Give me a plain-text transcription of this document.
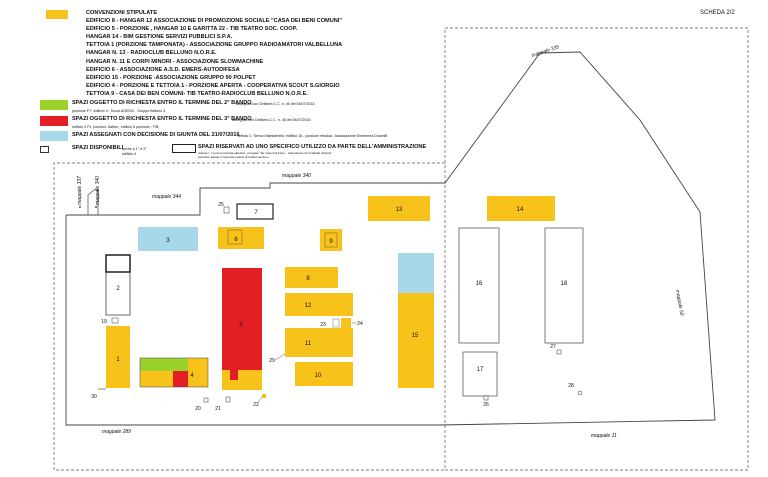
CONVENZIONI STIPULATE
EDIFICIO 8 - HANGAR 12 ASSOCIAZIONE DI PROMOZIONE SOCIALE "CASA DEI BENI COMUNI"
EDIFICIO 5 - PORZIONE , HANGAR 10 E GARITTA 22 - TIB TEATRO SOC. COOP.
HANGAR 14 - BIM GESTIONE SERVIZI PUBBLICI S.P.A.
TETTOIA 1 (PORZIONE TAMPONATA) - ASSOCIAZIONE GRUPPO RADIOAMATORI VALBELLUNA
HANGAR N. 13 - RADIOCLUB BELLUNO N.O.R.E.
HANGAR N. 11 E CORPI MINORI - ASSOCIAZIONE SLOWMACHINE
EDIFICIO 6 - ASSOCIAZIONE A.S.D. EMERS-AUTODIFESA
EDIFICIO 15 - PORZIONE -ASSOCIAZIONE GRUPPO 90 POLPET
EDIFICIO 4 - PORZIONE E TETTOIA 1 - PORZIONE APERTA - COOPERATIVA SCOUT S.GIORGIO
TETTOIA 9 - CASA DEI BEN COMUNI- TIB TEATRO-RADIOCLUB BELLUNO N.O.R.E.
SPAZI OGGETTO DI RICHIESTA ENTRO IL TERMINE DEL 2° BANDO
assegnati con Delibera C.C. n. 40 del 04/07/2016
porzione P.T. edificio 4 : Scout AGESCI , Gruppo Belluno 3
SPAZI OGGETTO DI RICHIESTA ENTRO IL TERMINE DEL 3° BANDO
assegnati con Delibera C.C. n. 48 del 04/07/2016
edificio 4 P.t. porzioni: Daltes ; edificio 5 porzione : TIB;
SPAZI ASSEGNATI CON DECISIONE DI GIUNTA DEL 21/07/2016
tettoia 3 : Servizi Manutentivi; edificio 15 - porzione residua : Associazione Sveherma Dolomiti
SPAZI DISPONIBILI
anche p 1° e 2° edificio 4
SPAZI RISERVATI AD UNO SPECIFICO UTILIZZO DA PARTE DELL'AMMINISTRAZIONE
tettoia n. 7 ovvero piccola palestra , progetto "Ex caserma Fiore - Laboratorio di creatività urbana"
porzione tettoia 2 riservata natura di trasformazione
SCHEDA 2/2
1
2
3
4
5
6
7
8
9
10
11
12
13	14
15
16
17
18
19
20	21
22
23	24
25
26
27
28
29
30
mappale 337 mappale 340	mappale 344
mappale 340
mappale 335
mappale 50
mappale 11
mappale 289
